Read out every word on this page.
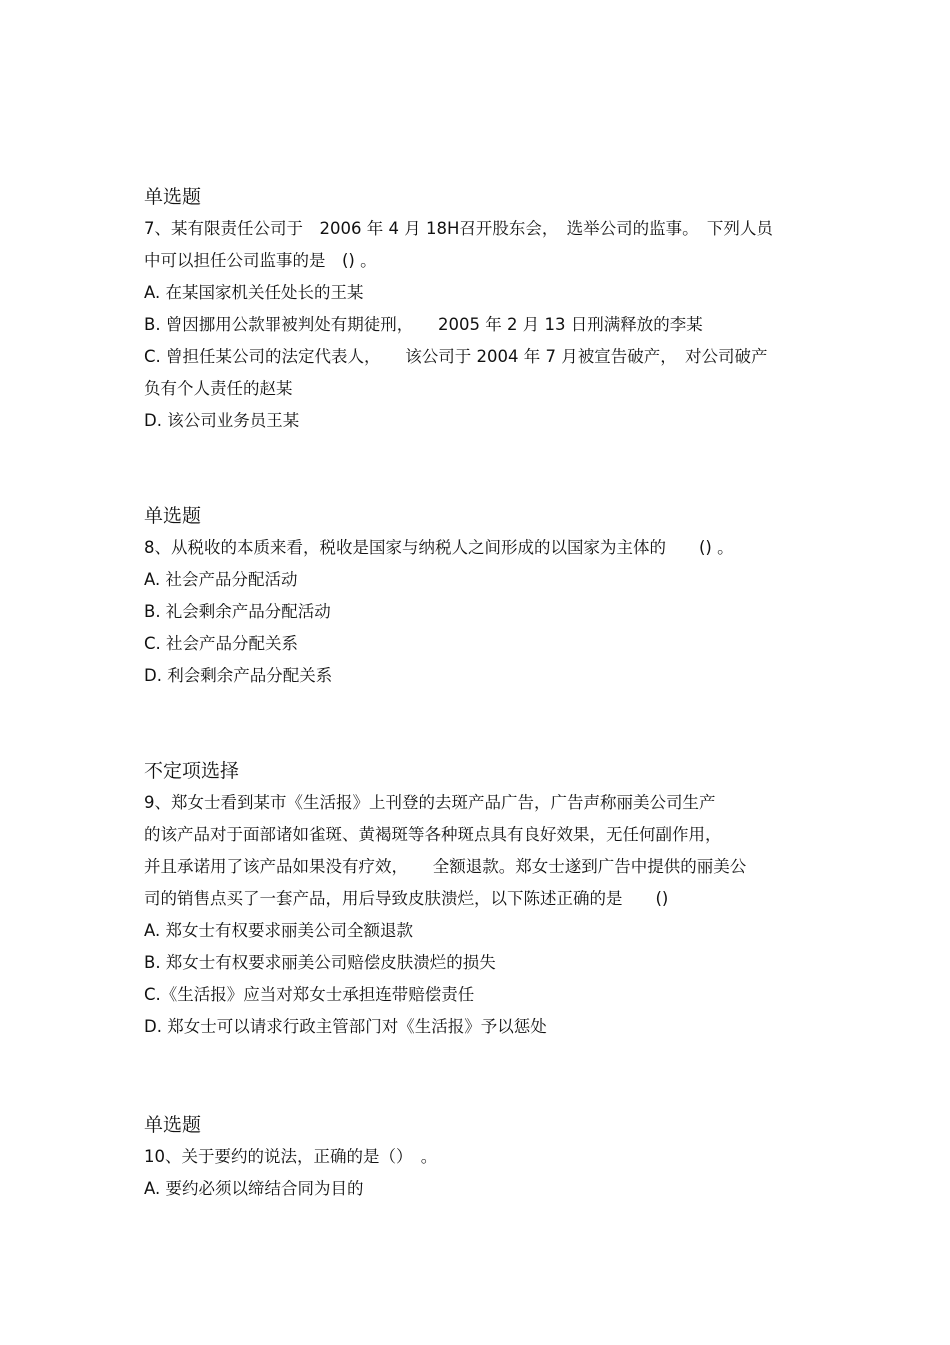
单选题
7、某有限责任公司于　2006 年 4 月 18H召开股东会，　选举公司的监事。　下列人员
中可以担任公司监事的是　() 。
A. 在某国家机关任处长的王某
B. 曾因挪用公款罪被判处有期徒刑，　　2005 年 2 月 13 日刑满释放的李某
C. 曾担任某公司的法定代表人，　　该公司于 2004 年 7 月被宣告破产，　对公司破产
负有个人责任的赵某
D. 该公司业务员王某
单选题
8、从税收的本质来看，税收是国家与纳税人之间形成的以国家为主体的　　() 。
A. 社会产品分配活动
B. 礼会剩余产品分配活动
C. 社会产品分配关系
D. 利会剩余产品分配关系
不定项选择
9、郑女士看到某市《生活报》上刊登的去斑产品广告，广告声称丽美公司生产
的该产品对于面部诸如雀斑、黄褐斑等各种斑点具有良好效果，无任何副作用，
并且承诺用了该产品如果没有疗效，　　全额退款。郑女士遂到广告中提供的丽美公
司的销售点买了一套产品，用后导致皮肤溃烂，以下陈述正确的是　　()
A. 郑女士有权要求丽美公司全额退款
B. 郑女士有权要求丽美公司赔偿皮肤溃烂的损失
C.《生活报》应当对郑女士承担连带赔偿责任
D. 郑女士可以请求行政主管部门对《生活报》予以惩处
单选题
10、关于要约的说法，正确的是（）　。
A. 要约必须以缔结合同为目的
